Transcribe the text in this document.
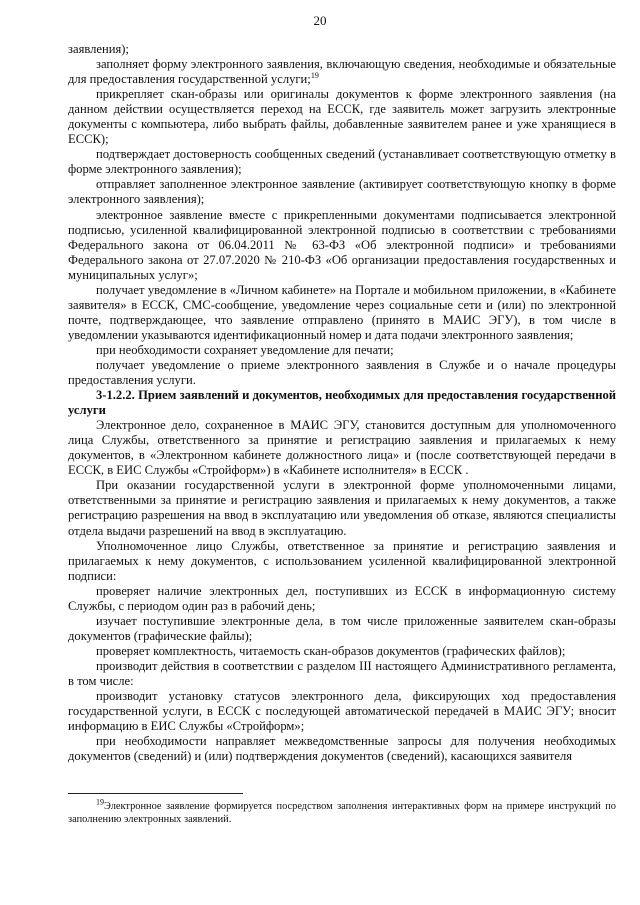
20

заявления);

заполняет форму электронного заявления, включающую сведения, необходимые и обязательные для предоставления государственной услуги;$^{19}$

прикрепляет скан-образы или оригиналы документов к форме электронного заявления (на данном действии осуществляется переход на ЕССК, где заявитель может загрузить электронные документы с компьютера, либо выбрать файлы, добавленные заявителем ранее и уже хранящиеся в ЕССК);

подтверждает достоверность сообщенных сведений (устанавливает соответствующую отметку в форме электронного заявления);

отправляет заполненное электронное заявление (активирует соответствующую кнопку в форме электронного заявления);

электронное заявление вместе с прикрепленными документами подписывается электронной подписью, усиленной квалифицированной электронной подписью в соответствии с требованиями Федерального закона от 06.04.2011 № 63-ФЗ «Об электронной подписи» и требованиями Федерального закона от 27.07.2020 № 210-ФЗ «Об организации предоставления государственных и муниципальных услуг»;

получает уведомление в «Личном кабинете» на Портале и мобильном приложении, в «Кабинете заявителя» в ЕССК, СМС-сообщение, уведомление через социальные сети и (или) по электронной почте, подтверждающее, что заявление отправлено (принято в МАИС ЭГУ), в том числе в уведомлении указываются идентификационный номер и дата подачи электронного заявления;

при необходимости сохраняет уведомление для печати;

получает уведомление о приеме электронного заявления в Службе и о начале процедуры предоставления услуги.

3-1.2.2. Прием заявлений и документов, необходимых для предоставления государственной услуги

Электронное дело, сохраненное в МАИС ЭГУ, становится доступным для уполномоченного лица Службы, ответственного за принятие и регистрацию заявления и прилагаемых к нему документов, в «Электронном кабинете должностного лица» и (после соответствующей передачи в ЕССК, в ЕИС Службы «Стройформ») в «Кабинете исполнителя» в ЕССК .

При оказании государственной услуги в электронной форме уполномоченными лицами, ответственными за принятие и регистрацию заявления и прилагаемых к нему документов, а также регистрацию разрешения на ввод в эксплуатацию или уведомления об отказе, являются специалисты отдела выдачи разрешений на ввод в эксплуатацию.

Уполномоченное лицо Службы, ответственное за принятие и регистрацию заявления и прилагаемых к нему документов, с использованием усиленной квалифицированной электронной подписи:

проверяет наличие электронных дел, поступивших из ЕССК в информационную систему Службы, с периодом один раз в рабочий день;

изучает поступившие электронные дела, в том числе приложенные заявителем скан-образы документов (графические файлы);

проверяет комплектность, читаемость скан-образов документов (графических файлов);

производит действия в соответствии с разделом III настоящего Административного регламента, в том числе:

производит установку статусов электронного дела, фиксирующих ход предоставления государственной услуги, в ЕССК с последующей автоматической передачей в МАИС ЭГУ; вносит информацию в ЕИС Службы «Стройформ»;

при необходимости направляет межведомственные запросы для получения необходимых документов (сведений) и (или) подтверждения документов (сведений), касающихся заявителя

$^{19}$Электронное заявление формируется посредством заполнения интерактивных форм на примере инструкций по заполнению электронных заявлений.
